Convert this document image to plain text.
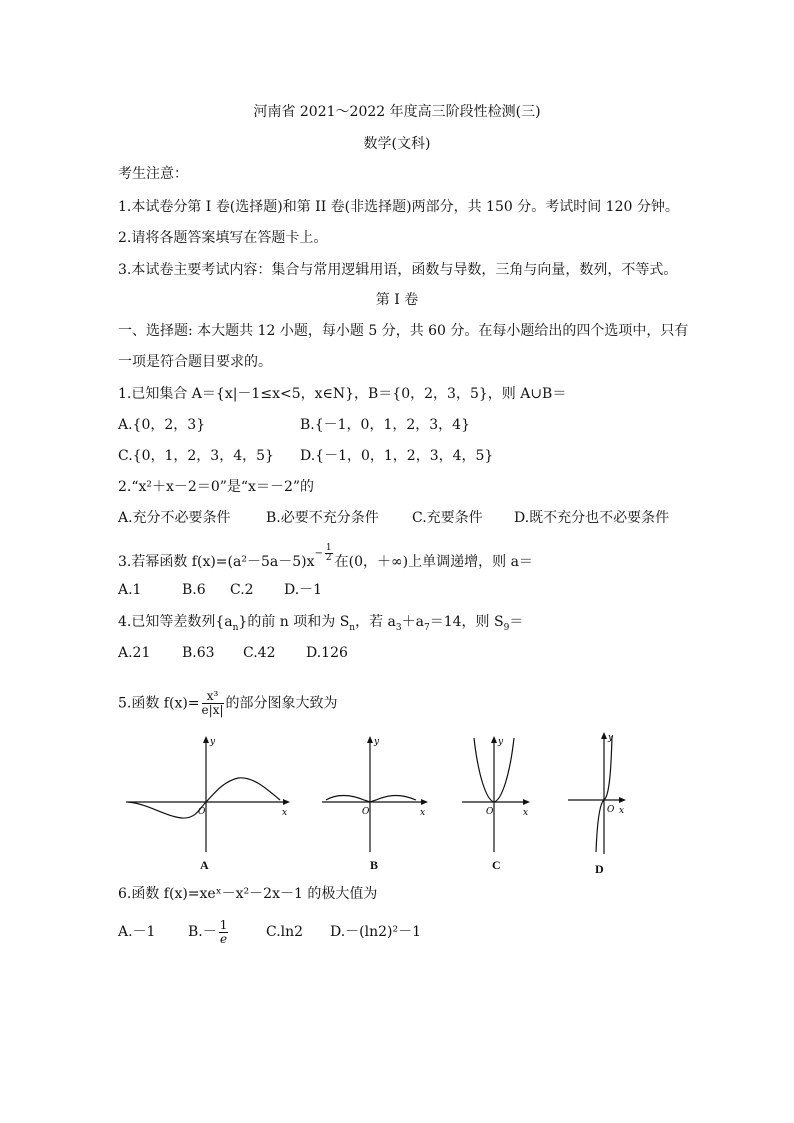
河南省 2021～2022 年度高三阶段性检测(三)
数学(文科)
考生注意：
1.本试卷分第 I 卷(选择题)和第 II 卷(非选择题)两部分，共 150 分。考试时间 120 分钟。
2.请将各题答案填写在答题卡上。
3.本试卷主要考试内容：集合与常用逻辑用语，函数与导数，三角与向量，数列，不等式。
第 I 卷
一、选择题: 本大题共 12 小题，每小题 5 分，共 60 分。在每小题给出的四个选项中，只有
一项是符合题目要求的。
1.已知集合 A＝{x|－1≤x<5，x∈N}，B＝{0，2，3，5}，则 A∪B＝
A.{0，2，3}	B.{－1，0，1，2，3，4}
C.{0，1，2，3，4，5} D.{－1，0，1，2，3，4，5}
2.“x²＋x－2＝0”是“x＝－2”的
A.充分不必要条件	B.必要不充分条件 C.充要条件 D.既不充分也不必要条件
3.若幂函数 $f(x)=(a^2-5a-5)x- \frac{1}{2}$ 在(0，＋∞)上单调递增，则 a＝
A.1	B.6 C.2 D.－1
4.已知等差数列$\{a_n\}$的前 n 项和为 $S_n$，若 $a_3+a_7=14$，则 $S_9=$
A.21 B.63 C.42 D.126
5.函数 $f(x)= \frac{\text{x³}}{e|x|}$ 的部分图象大致为
y
x
O
A
y
x
O
B
y
x
O
C
y
x
O
D
6.函数 f(x)=xeˣ－x²－2x－1 的极大值为
A.－1 $B.- \frac{1}{e}$	C.ln2 D.－(ln2)²－1
